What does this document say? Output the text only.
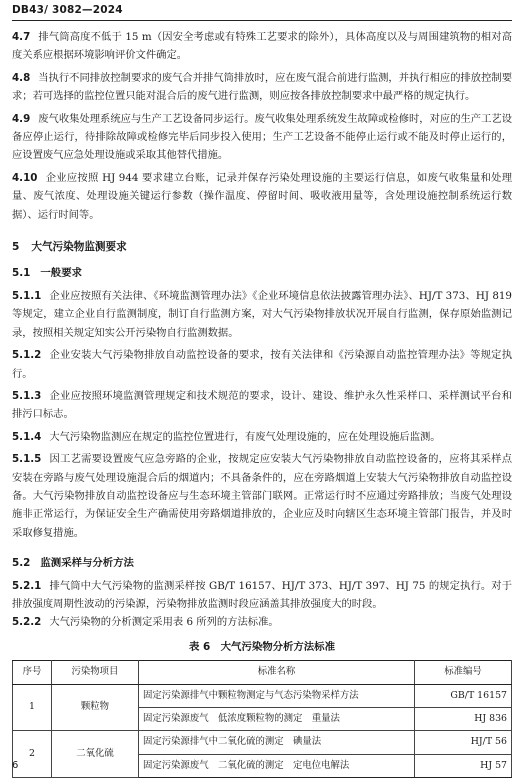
DB43/ 3082—2024

4.7 排气筒高度不低于 15 m（因安全考虑或有特殊工艺要求的除外），具体高度以及与周围建筑物的相对高度关系应根据环境影响评价文件确定。

4.8 当执行不同排放控制要求的废气合并排气筒排放时，应在废气混合前进行监测，并执行相应的排放控制要求；若可选择的监控位置只能对混合后的废气进行监测，则应按各排放控制要求中最严格的规定执行。

4.9 废气收集处理系统应与生产工艺设备同步运行。废气收集处理系统发生故障或检修时，对应的生产工艺设备应停止运行，待排除故障或检修完毕后同步投入使用；生产工艺设备不能停止运行或不能及时停止运行的，应设置废气应急处理设施或采取其他替代措施。

4.10 企业应按照 HJ 944 要求建立台账，记录并保存污染处理设施的主要运行信息，如废气收集量和处理量、废气浓度、处理设施关键运行参数（操作温度、停留时间、吸收液用量等，含处理设施控制系统运行数据）、运行时间等。

5 大气污染物监测要求
5.1 一般要求

5.1.1 企业应按照有关法律、《环境监测管理办法》《企业环境信息依法披露管理办法》、HJ/T 373、HJ 819 等规定，建立企业自行监测制度，制订自行监测方案，对大气污染物排放状况开展自行监测，保存原始监测记录，按照相关规定知实公开污染物自行监测数据。

5.1.2 企业安装大气污染物排放自动监控设备的要求，按有关法律和《污染源自动监控管理办法》等规定执行。

5.1.3 企业应按照环境监测管理规定和技术规范的要求，设计、建设、维护永久性采样口、采样测试平台和排污口标志。

5.1.4 大气污染物监测应在规定的监控位置进行，有废气处理设施的，应在处理设施后监测。

5.1.5 因工艺需要设置废气应急旁路的企业，按规定应安装大气污染物排放自动监控设备的，应将其采样点安装在旁路与废气处理设施混合后的烟道内；不具备条件的，应在旁路烟道上安装大气污染物排放自动监控设备。大气污染物排放自动监控设备应与生态环境主管部门联网。正常运行时不应通过旁路排放；当废气处理设施非正常运行，为保证安全生产确需使用旁路烟道排放的，企业应及时向辖区生态环境主管部门报告，并及时采取修复措施。

5.2 监测采样与分析方法

5.2.1 排气筒中大气污染物的监测采样按 GB/T 16157、HJ/T 373、HJ/T 397、HJ 75 的规定执行。对于排放强度周期性波动的污染源，污染物排放监测时段应涵盖其排放强度大的时段。

5.2.2 大气污染物的分析测定采用表 6 所列的方法标准。

表 6　大气污染物分析方法标准
序号	污染物项目	标准名称	标准编号
1	颗粒物	固定污染源排气中颗粒物测定与气态污染物采样方法	GB/T 16157
		固定污染源废气　低浓度颗粒物的测定　重量法	HJ 836
2	二氧化硫	固定污染源排气中二氧化硫的测定　碘量法	HJ/T 56
		固定污染源废气　二氧化硫的测定　定电位电解法	HJ 57
6
